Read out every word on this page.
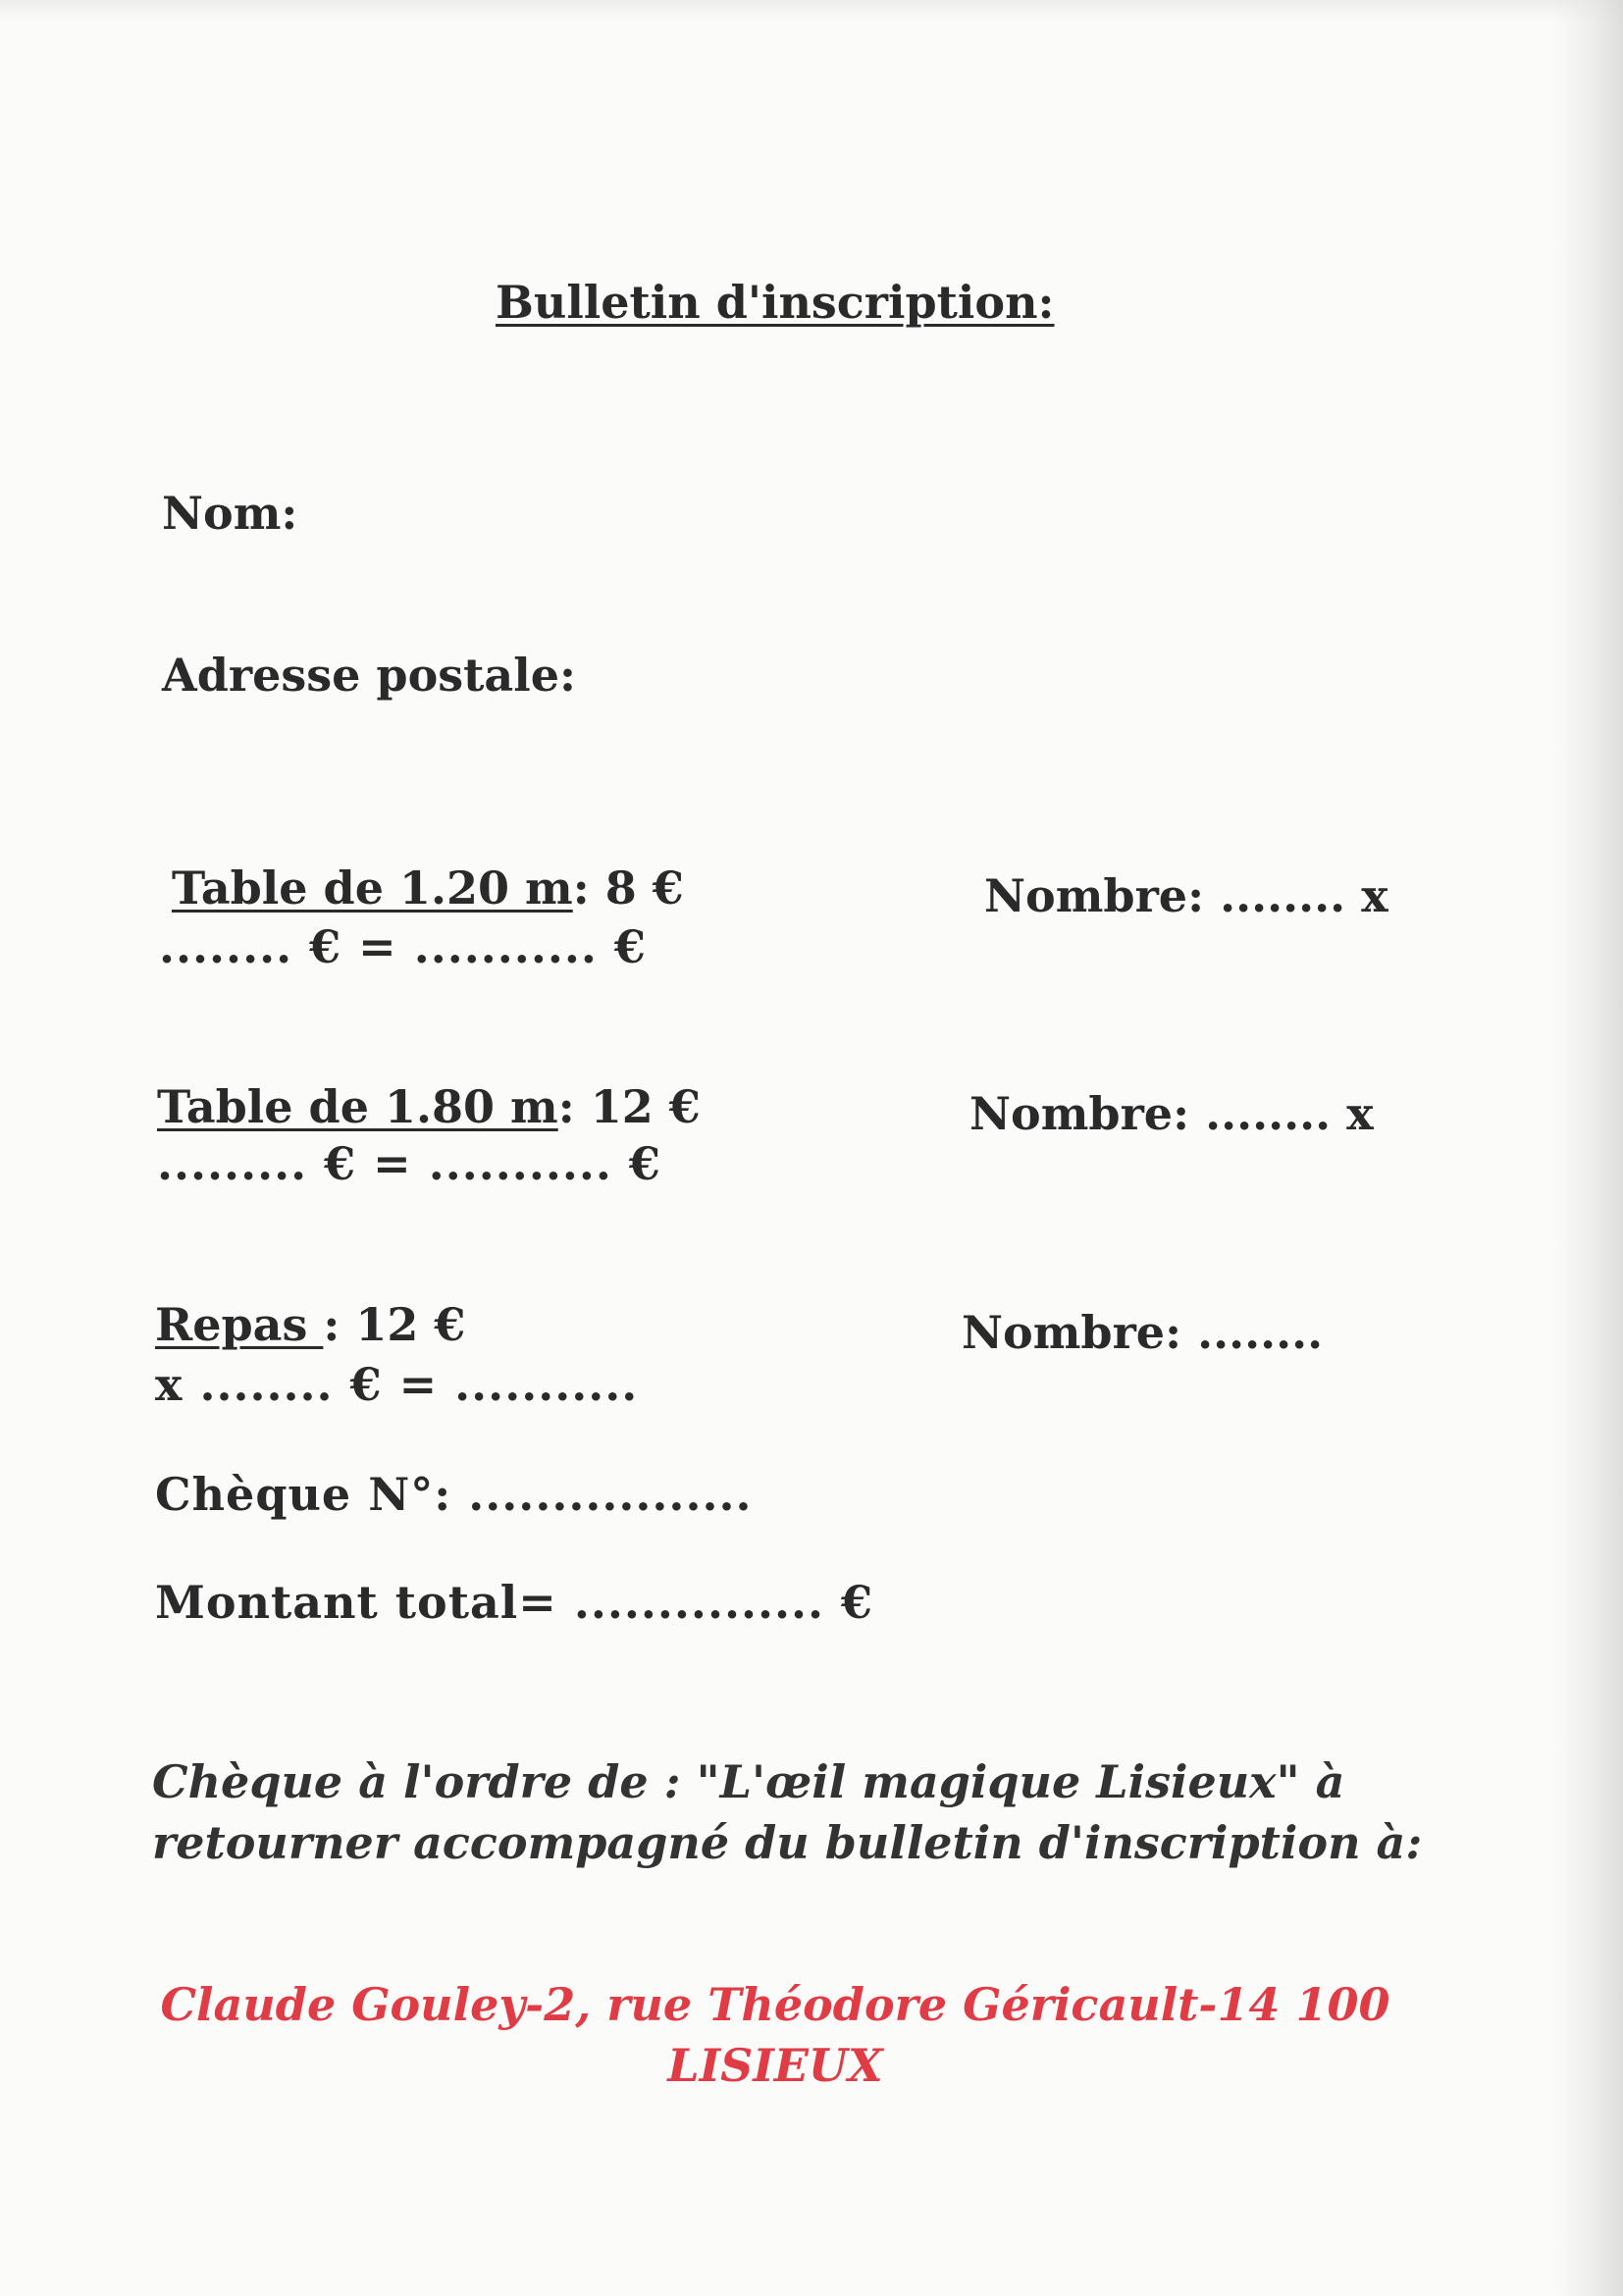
Bulletin d'inscription:
Nom:
Adresse postale:
Table de 1.20 m: 8 €
........ € = ........... €
Nombre: ........ x
Table de 1.80 m: 12 €
......... € = ........... €
Nombre: ........ x
Repas : 12 €
x ........ € = ...........
Nombre: ........
Chèque N°: .................
Montant total= ............... €
Chèque à l'ordre de : "L'œil magique Lisieux" à retourner accompagné du bulletin d'inscription à:
Claude Gouley-2, rue Théodore Géricault-14 100
LISIEUX
